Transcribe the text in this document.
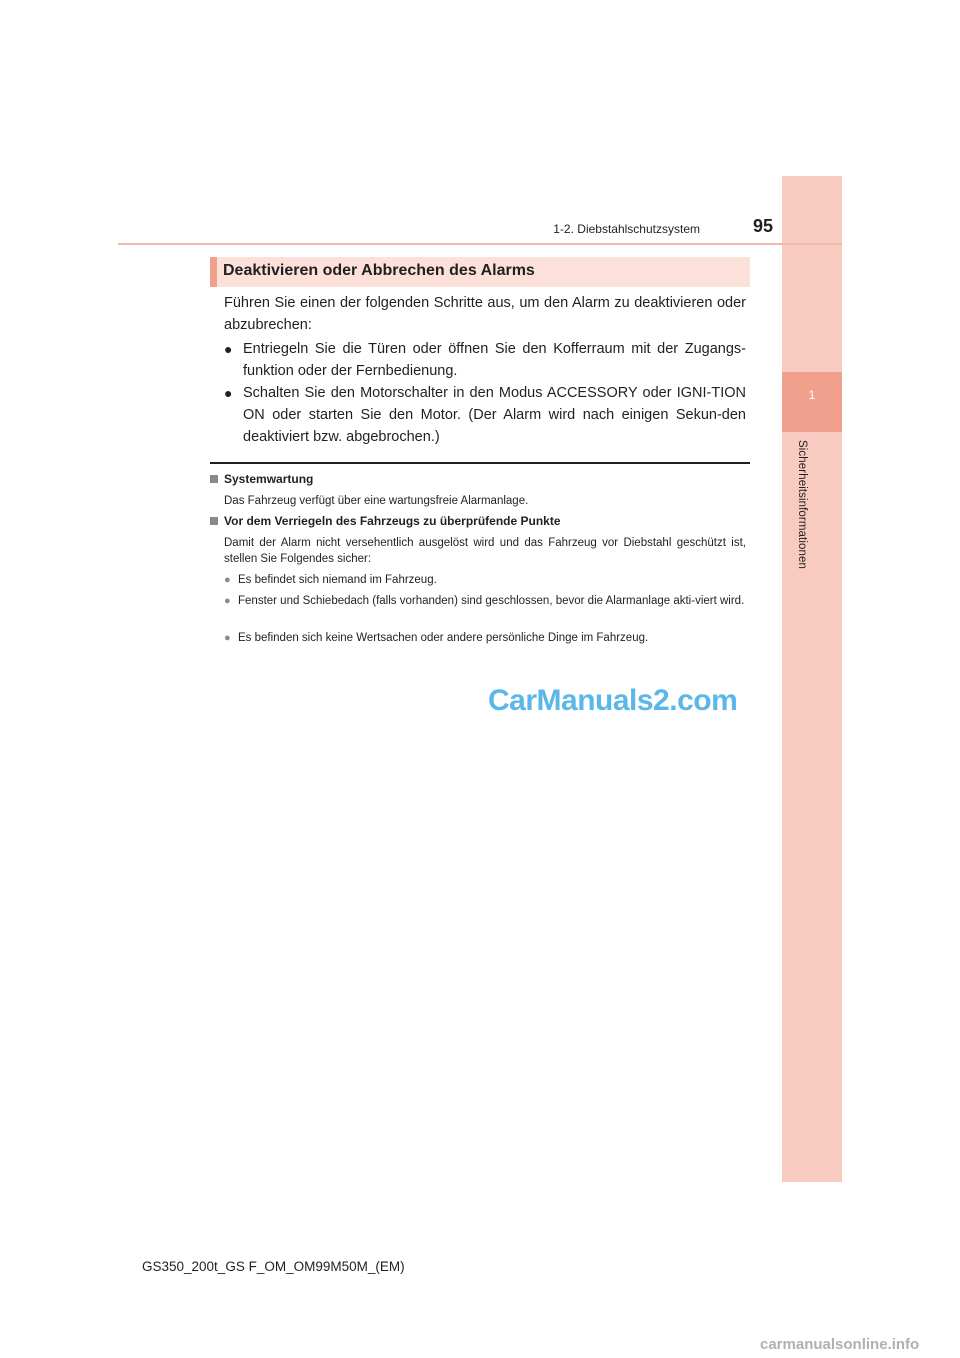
1
Sicherheitsinformationen
1-2. Diebstahlschutzsystem	95
Deaktivieren oder Abbrechen des Alarms
Führen Sie einen der folgenden Schritte aus, um den Alarm zu deaktivieren oder abzubrechen:
● Entriegeln Sie die Türen oder öffnen Sie den Kofferraum mit der Zugangs-funktion oder der Fernbedienung.
● Schalten Sie den Motorschalter in den Modus ACCESSORY oder IGNI-TION ON oder starten Sie den Motor. (Der Alarm wird nach einigen Sekun-den deaktiviert bzw. abgebrochen.)
Systemwartung
Das Fahrzeug verfügt über eine wartungsfreie Alarmanlage.
Vor dem Verriegeln des Fahrzeugs zu überprüfende Punkte
Damit der Alarm nicht versehentlich ausgelöst wird und das Fahrzeug vor Diebstahl geschützt ist, stellen Sie Folgendes sicher:
● Es befindet sich niemand im Fahrzeug.
● Fenster und Schiebedach (falls vorhanden) sind geschlossen, bevor die Alarmanlage akti-viert wird.
● Es befinden sich keine Wertsachen oder andere persönliche Dinge im Fahrzeug.
CarManuals2.com
GS350_200t_GS F_OM_OM99M50M_(EM)
carmanualsonline.info
